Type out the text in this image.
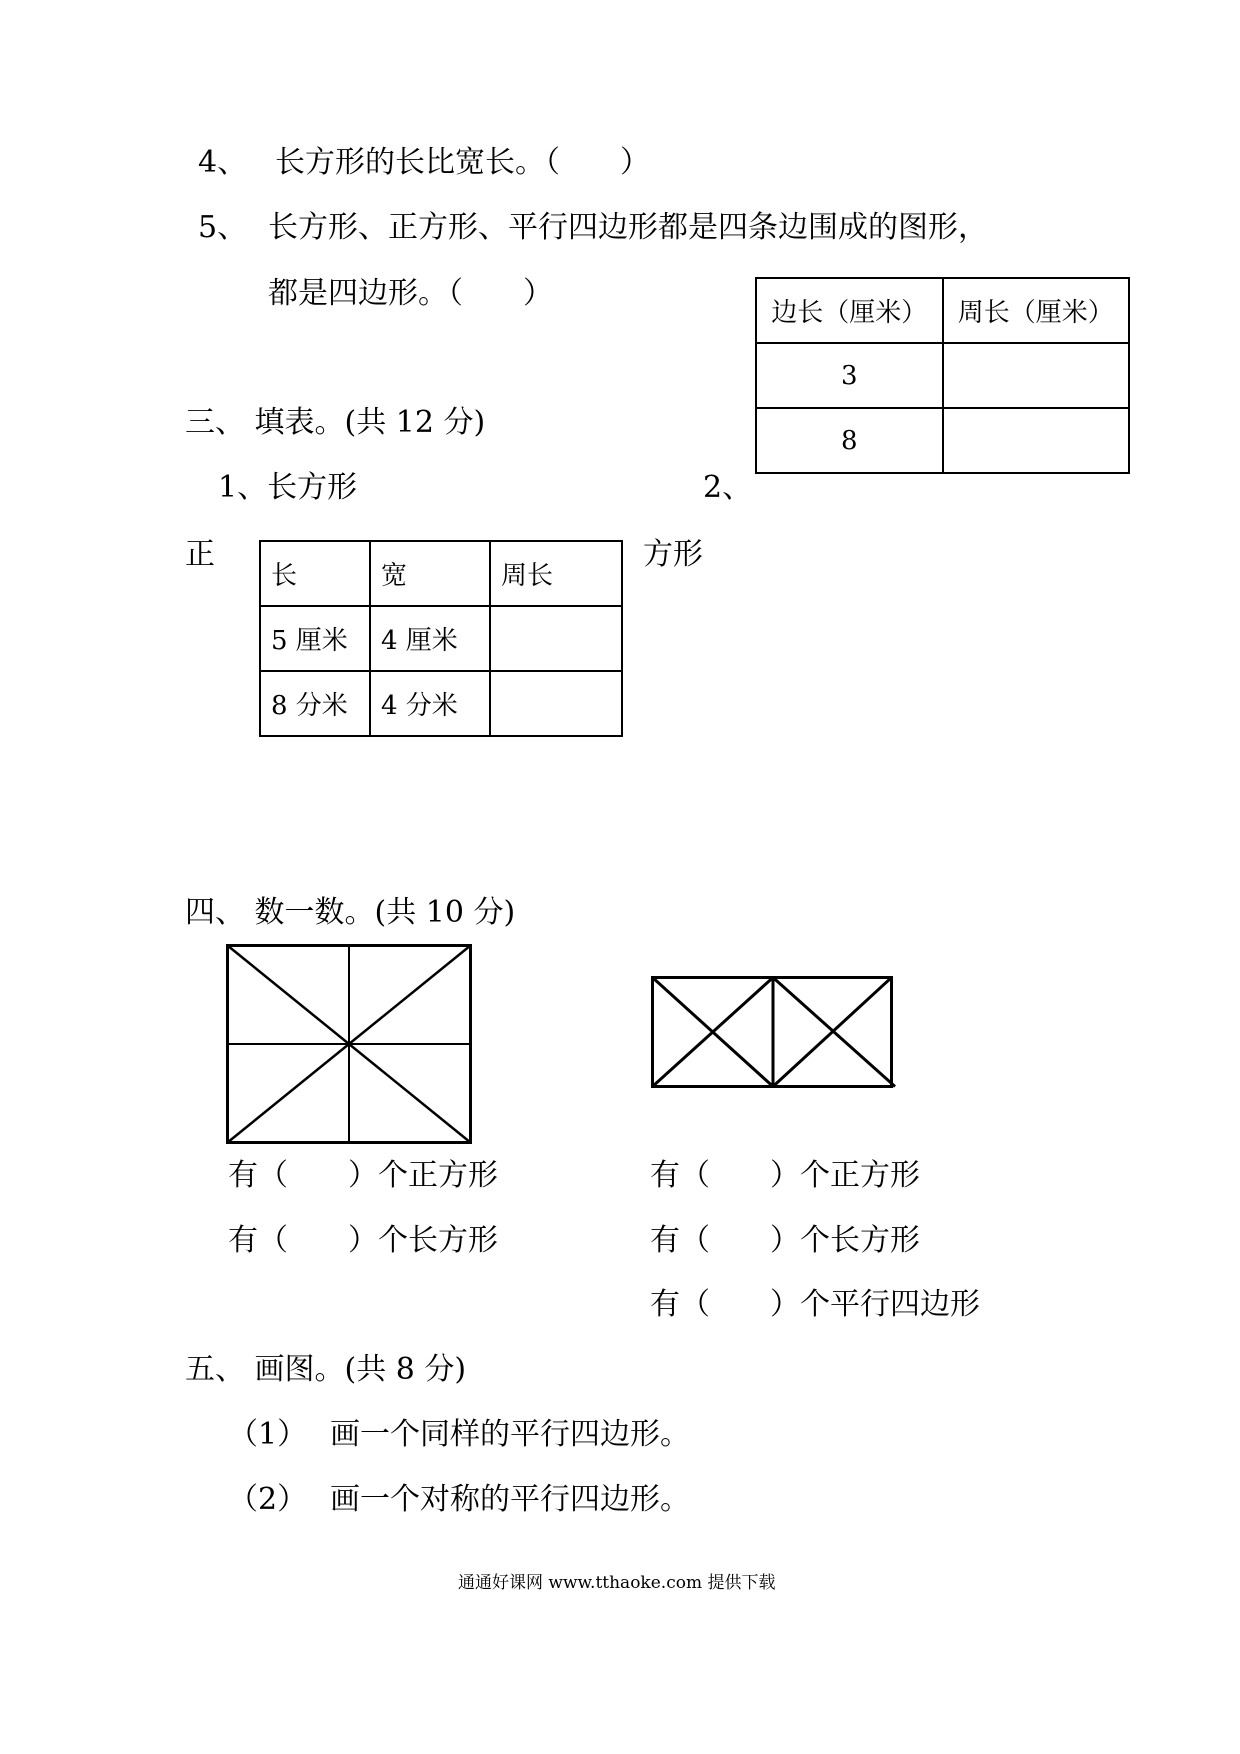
4、 长方形的长比宽长。（　　）
5、 长方形、正方形、平行四边形都是四条边围成的图形，
都是四边形。（　　）
边长（厘米）	周长（厘米）
3	
8	
三、 填表。(共 12 分)
1、长方形	2、
正	方形
长	宽	周长
5 厘米	4 厘米	
8 分米	4 分米	
四、 数一数。(共 10 分)
有（　　）个正方形
有（　　）个长方形
有（　　）个正方形
有（　　）个长方形
有（　　）个平行四边形
五、 画图。(共 8 分)
（1） 画一个同样的平行四边形。
（2） 画一个对称的平行四边形。
通通好课网 www.tthaoke.com 提供下载
